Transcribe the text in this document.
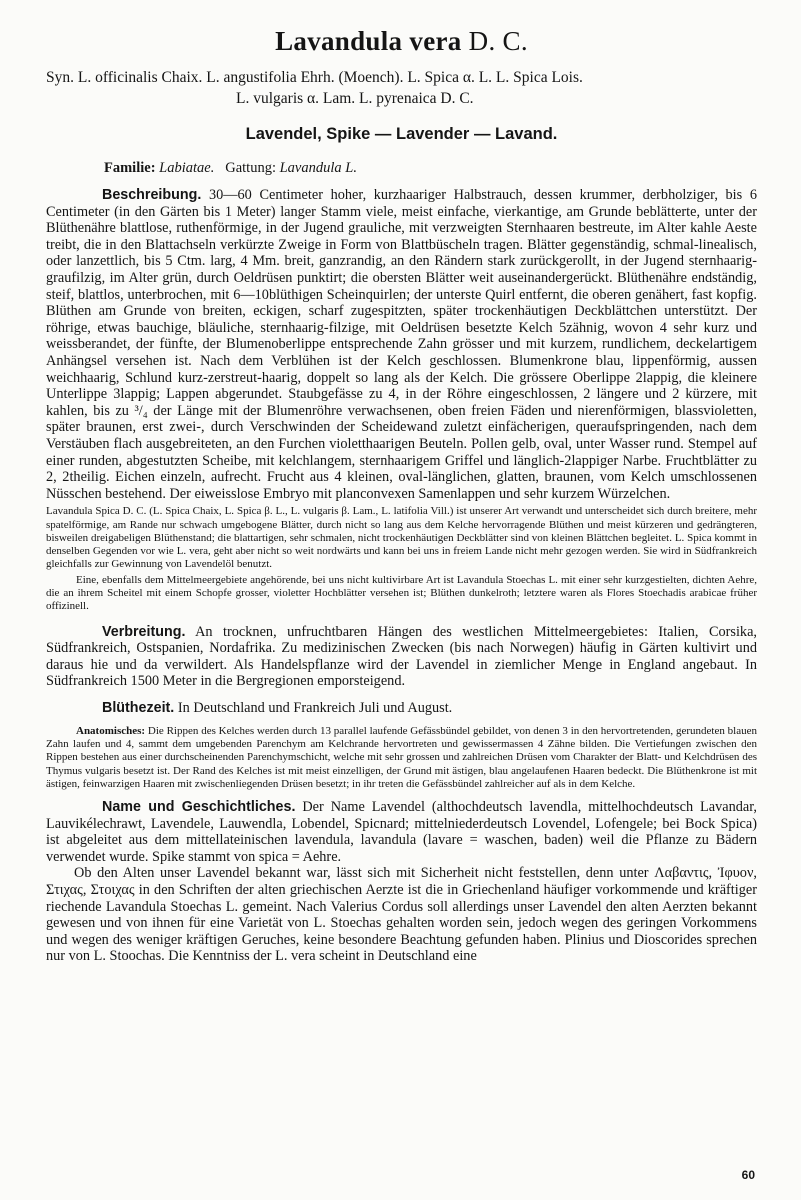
Lavandula vera D. C.

Syn. L. officinalis Chaix. L. angustifolia Ehrh. (Moench). L. Spica α. L. L. Spica Lois.

L. vulgaris α. Lam. L. pyrenaica D. C.

Lavendel, Spike — Lavender — Lavand.
Familie: Labiatae. Gattung: Lavandula L.

Beschreibung. 30—60 Centimeter hoher, kurzhaariger Halbstrauch, dessen krummer, derbholziger, bis 6 Centimeter (in den Gärten bis 1 Meter) langer Stamm viele, meist einfache, vierkantige, am Grunde beblätterte, unter der Blüthenähre blattlose, ruthenförmige, in der Jugend grauliche, mit verzweigten Sternhaaren bestreute, im Alter kahle Aeste treibt, die in den Blattachseln verkürzte Zweige in Form von Blattbüscheln tragen. Blätter gegenständig, schmal-linealisch, oder lanzettlich, bis 5 Ctm. larg, 4 Mm. breit, ganzrandig, an den Rändern stark zurückgerollt, in der Jugend sternhaarig-graufilzig, im Alter grün, durch Oeldrüsen punktirt; die obersten Blätter weit auseinandergerückt. Blüthenähre endständig, steif, blattlos, unterbrochen, mit 6—10blüthigen Scheinquirlen; der unterste Quirl entfernt, die oberen genähert, fast kopfig. Blüthen am Grunde von breiten, eckigen, scharf zugespitzten, später trockenhäutigen Deckblättchen unterstützt. Der röhrige, etwas bauchige, bläuliche, sternhaarig-filzige, mit Oeldrüsen besetzte Kelch 5zähnig, wovon 4 sehr kurz und weissberandet, der fünfte, der Blumenoberlippe entsprechende Zahn grösser und mit kurzem, rundlichem, deckelartigem Anhängsel versehen ist. Nach dem Verblühen ist der Kelch geschlossen. Blumenkrone blau, lippenförmig, aussen weichhaarig, Schlund kurz-zerstreut-haarig, doppelt so lang als der Kelch. Die grössere Oberlippe 2lappig, die kleinere Unterlippe 3lappig; Lappen abgerundet. Staubgefässe zu 4, in der Röhre eingeschlossen, 2 längere und 2 kürzere, mit kahlen, bis zu ³/₄ der Länge mit der Blumenröhre verwachsenen, oben freien Fäden und nierenförmigen, blassvioletten, später braunen, erst zwei-, durch Verschwinden der Scheidewand zuletzt einfächerigen, queraufspringenden, nach dem Verstäuben flach ausgebreiteten, an den Furchen violetthaarigen Beuteln. Pollen gelb, oval, unter Wasser rund. Stempel auf einer runden, abgestutzten Scheibe, mit kelchlangem, sternhaarigem Griffel und länglich-2lappiger Narbe. Fruchtblätter zu 2, 2theilig. Eichen einzeln, aufrecht. Frucht aus 4 kleinen, oval-länglichen, glatten, braunen, vom Kelch umschlossenen Nüsschen bestehend. Der eiweisslose Embryo mit planconvexen Samenlappen und sehr kurzem Würzelchen.

Lavandula Spica D. C. (L. Spica Chaix, L. Spica β. L., L. vulgaris β. Lam., L. latifolia Vill.) ist unserer Art verwandt und unterscheidet sich durch breitere, mehr spatelförmige, am Rande nur schwach umgebogene Blätter, durch nicht so lang aus dem Kelche hervorragende Blüthen und meist kürzeren und gedrängteren, bisweilen dreigabeligen Blüthenstand; die blattartigen, sehr schmalen, nicht trockenhäutigen Deckblätter sind von kleinen Blättchen begleitet. L. Spica kommt in denselben Gegenden vor wie L. vera, geht aber nicht so weit nordwärts und kann bei uns in freiem Lande nicht mehr gezogen werden. Sie wird in Südfrankreich gleichfalls zur Gewinnung von Lavendelöl benutzt.

Eine, ebenfalls dem Mittelmeergebiete angehörende, bei uns nicht kultivirbare Art ist Lavandula Stoechas L. mit einer sehr kurzgestielten, dichten Aehre, die an ihrem Scheitel mit einem Schopfe grosser, violetter Hochblätter versehen ist; Blüthen dunkelroth; letztere waren als Flores Stoechadis arabicae früher offizinell.

Verbreitung. An trocknen, unfruchtbaren Hängen des westlichen Mittelmeergebietes: Italien, Corsika, Südfrankreich, Ostspanien, Nordafrika. Zu medizinischen Zwecken (bis nach Norwegen) häufig in Gärten kultivirt und daraus hie und da verwildert. Als Handelspflanze wird der Lavendel in ziemlicher Menge in England angebaut. In Südfrankreich 1500 Meter in die Bergregionen emporsteigend.

Blüthezeit. In Deutschland und Frankreich Juli und August.

Anatomisches: Die Rippen des Kelches werden durch 13 parallel laufende Gefässbündel gebildet, von denen 3 in den hervortretenden, gerundeten blauen Zahn laufen und 4, sammt dem umgebenden Parenchym am Kelchrande hervortreten und gewissermassen 4 Zähne bilden. Die Vertiefungen zwischen den Rippen bestehen aus einer durchscheinenden Parenchymschicht, welche mit sehr grossen und zahlreichen Drüsen vom Charakter der Blatt- und Kelchdrüsen des Thymus vulgaris besetzt ist. Der Rand des Kelches ist mit meist einzelligen, der Grund mit ästigen, blau angelaufenen Haaren bedeckt. Die Blüthenkrone ist mit ästigen, feinwarzigen Haaren mit zwischenliegenden Drüsen besetzt; in ihr treten die Gefässbündel zahlreicher auf als in dem Kelche.

Name und Geschichtliches. Der Name Lavendel (althochdeutsch lavendla, mittelhochdeutsch Lavandar, Lauvikélechrawt, Lavendele, Lauwendla, Lobendel, Spicnard; mittelniederdeutsch Lovendel, Lofengele; bei Bock Spica) ist abgeleitet aus dem mittellateinischen lavendula, lavandula (lavare = waschen, baden) weil die Pflanze zu Bädern verwendet wurde. Spike stammt von spica = Aehre.

Ob den Alten unser Lavendel bekannt war, lässt sich mit Sicherheit nicht feststellen, denn unter Λαβαντις, Ἰφυον, Στιχας, Στοιχας in den Schriften der alten griechischen Aerzte ist die in Griechenland häufiger vorkommende und kräftiger riechende Lavandula Stoechas L. gemeint. Nach Valerius Cordus soll allerdings unser Lavendel den alten Aerzten bekannt gewesen und von ihnen für eine Varietät von L. Stoechas gehalten worden sein, jedoch wegen des geringen Vorkommens und wegen des weniger kräftigen Geruches, keine besondere Beachtung gefunden haben. Plinius und Dioscorides sprechen nur von L. Stoochas. Die Kenntniss der L. vera scheint in Deutschland eine

60
